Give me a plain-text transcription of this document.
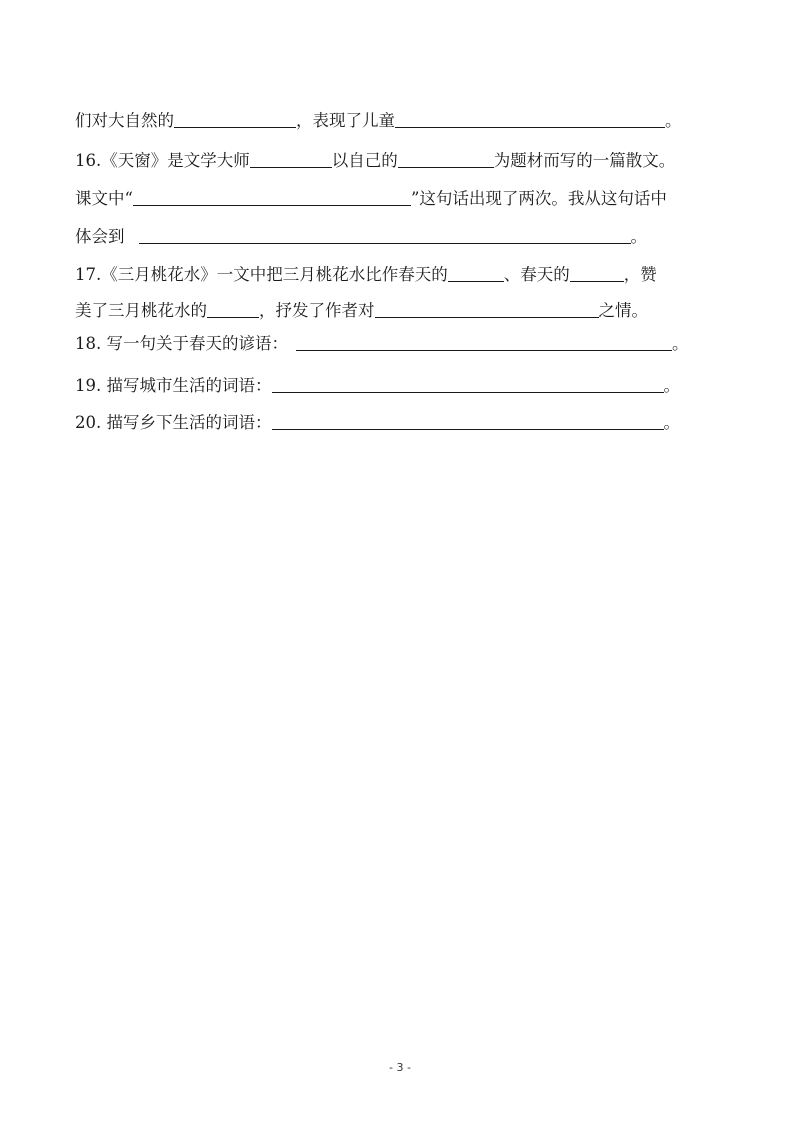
们对大自然的	，表现了儿童	。
16.《天窗》是文学大师	以自己的	为题材而写的一篇散文。
课文中“	”这句话出现了两次。我从这句话中
体会到	。
17.《三月桃花水》一文中把三月桃花水比作春天的	、春天的	，赞
美了三月桃花水的	，抒发了作者对	之情。
18. 写一句关于春天的谚语：	。
19. 描写城市生活的词语：	。
20. 描写乡下生活的词语：	。
- 3 -
